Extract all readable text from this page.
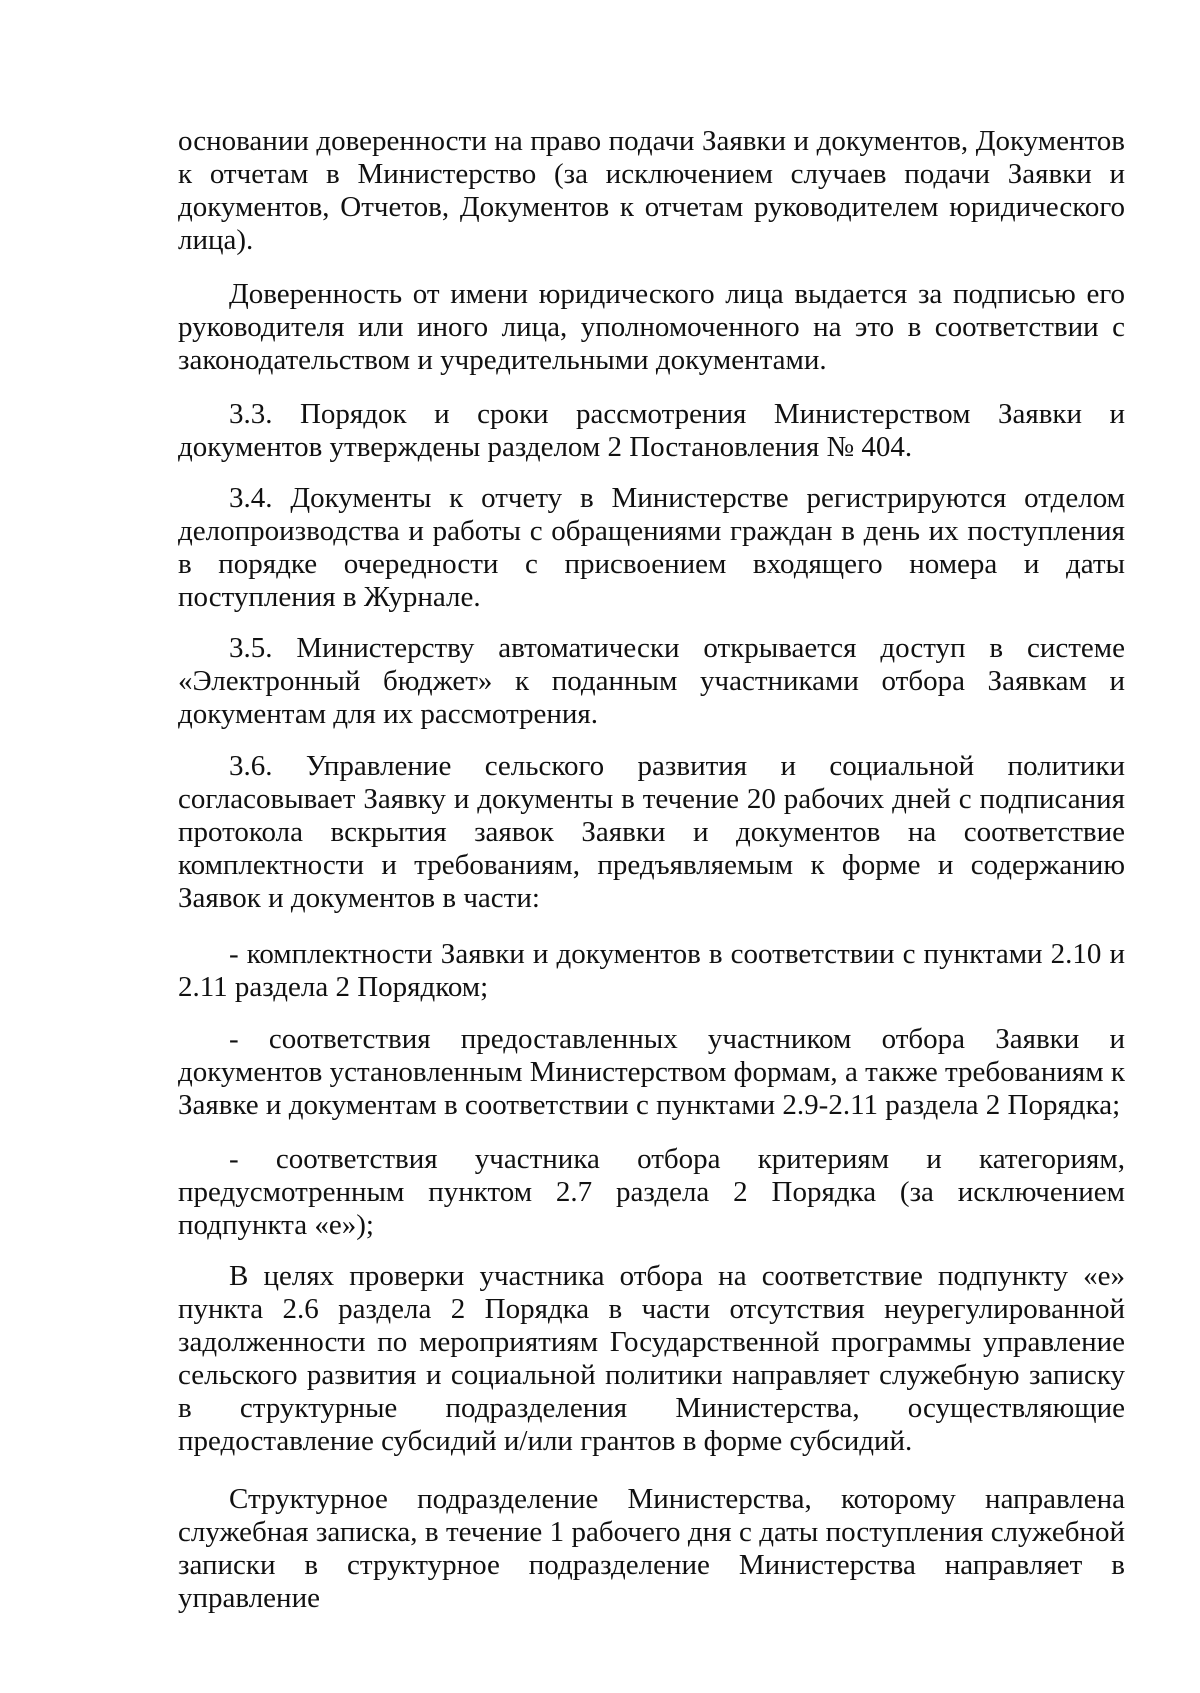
основании доверенности на право подачи Заявки и документов, Документов к отчетам в Министерство (за исключением случаев подачи Заявки и документов, Отчетов, Документов к отчетам руководителем юридического лица).

Доверенность от имени юридического лица выдается за подписью его руководителя или иного лица, уполномоченного на это в соответствии с законодательством и учредительными документами.

3.3. Порядок и сроки рассмотрения Министерством Заявки и документов утверждены разделом 2 Постановления № 404.

3.4. Документы к отчету в Министерстве регистрируются отделом делопроизводства и работы с обращениями граждан в день их поступления в порядке очередности с присвоением входящего номера и даты поступления в Журнале.

3.5. Министерству автоматически открывается доступ в системе «Электронный бюджет» к поданным участниками отбора Заявкам и документам для их рассмотрения.

3.6. Управление сельского развития и социальной политики согласовывает Заявку и документы в течение 20 рабочих дней с подписания протокола вскрытия заявок Заявки и документов на соответствие комплектности и требованиям, предъявляемым к форме и содержанию Заявок и документов в части:

- комплектности Заявки и документов в соответствии с пунктами 2.10 и 2.11 раздела 2 Порядком;

- соответствия предоставленных участником отбора Заявки и документов установленным Министерством формам, а также требованиям к Заявке и документам в соответствии с пунктами 2.9-2.11 раздела 2 Порядка;

- соответствия участника отбора критериям и категориям, предусмотренным пунктом 2.7 раздела 2 Порядка (за исключением подпункта «е»);

В целях проверки участника отбора на соответствие подпункту «е» пункта 2.6 раздела 2 Порядка в части отсутствия неурегулированной задолженности по мероприятиям Государственной программы управление сельского развития и социальной политики направляет служебную записку в структурные подразделения Министерства, осуществляющие предоставление субсидий и/или грантов в форме субсидий.

Структурное подразделение Министерства, которому направлена служебная записка, в течение 1 рабочего дня с даты поступления служебной записки в структурное подразделение Министерства направляет в управление
